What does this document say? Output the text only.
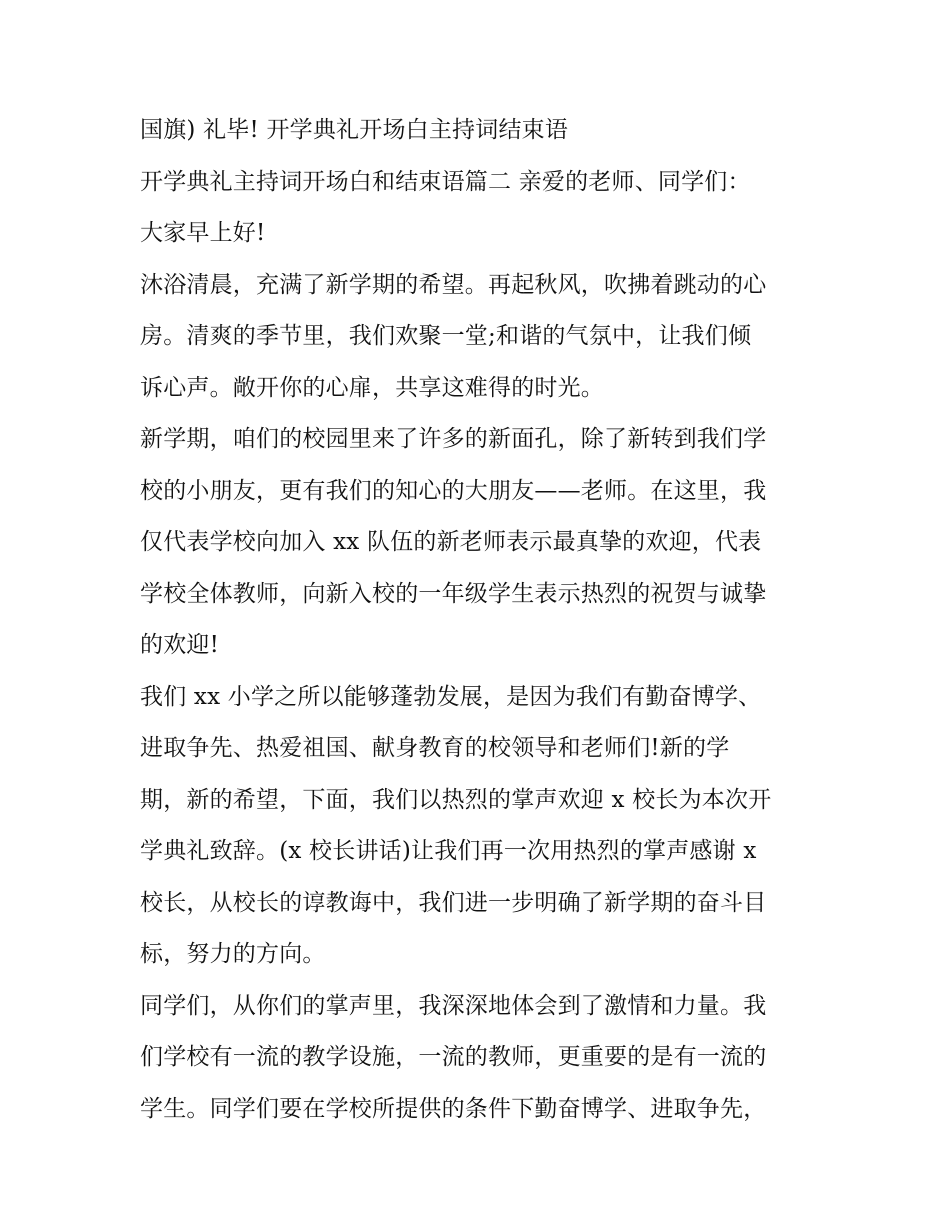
国旗) 礼毕! 开学典礼开场白主持词结束语

开学典礼主持词开场白和结束语篇二 亲爱的老师、同学们：

大家早上好!

沐浴清晨，充满了新学期的希望。再起秋风，吹拂着跳动的心
房。清爽的季节里，我们欢聚一堂;和谐的气氛中，让我们倾
诉心声。敞开你的心扉，共享这难得的时光。

新学期，咱们的校园里来了许多的新面孔，除了新转到我们学
校的小朋友，更有我们的知心的大朋友——老师。在这里，我
仅代表学校向加入 xx 队伍的新老师表示最真挚的欢迎，代表
学校全体教师，向新入校的一年级学生表示热烈的祝贺与诚挚
的欢迎!

我们 xx 小学之所以能够蓬勃发展，是因为我们有勤奋博学、
进取争先、热爱祖国、献身教育的校领导和老师们!新的学
期，新的希望，下面，我们以热烈的掌声欢迎 x 校长为本次开
学典礼致辞。(x 校长讲话)让我们再一次用热烈的掌声感谢 x
校长，从校长的谆教诲中，我们进一步明确了新学期的奋斗目
标，努力的方向。

同学们，从你们的掌声里，我深深地体会到了激情和力量。我
们学校有一流的教学设施，一流的教师，更重要的是有一流的
学生。同学们要在学校所提供的条件下勤奋博学、进取争先，
